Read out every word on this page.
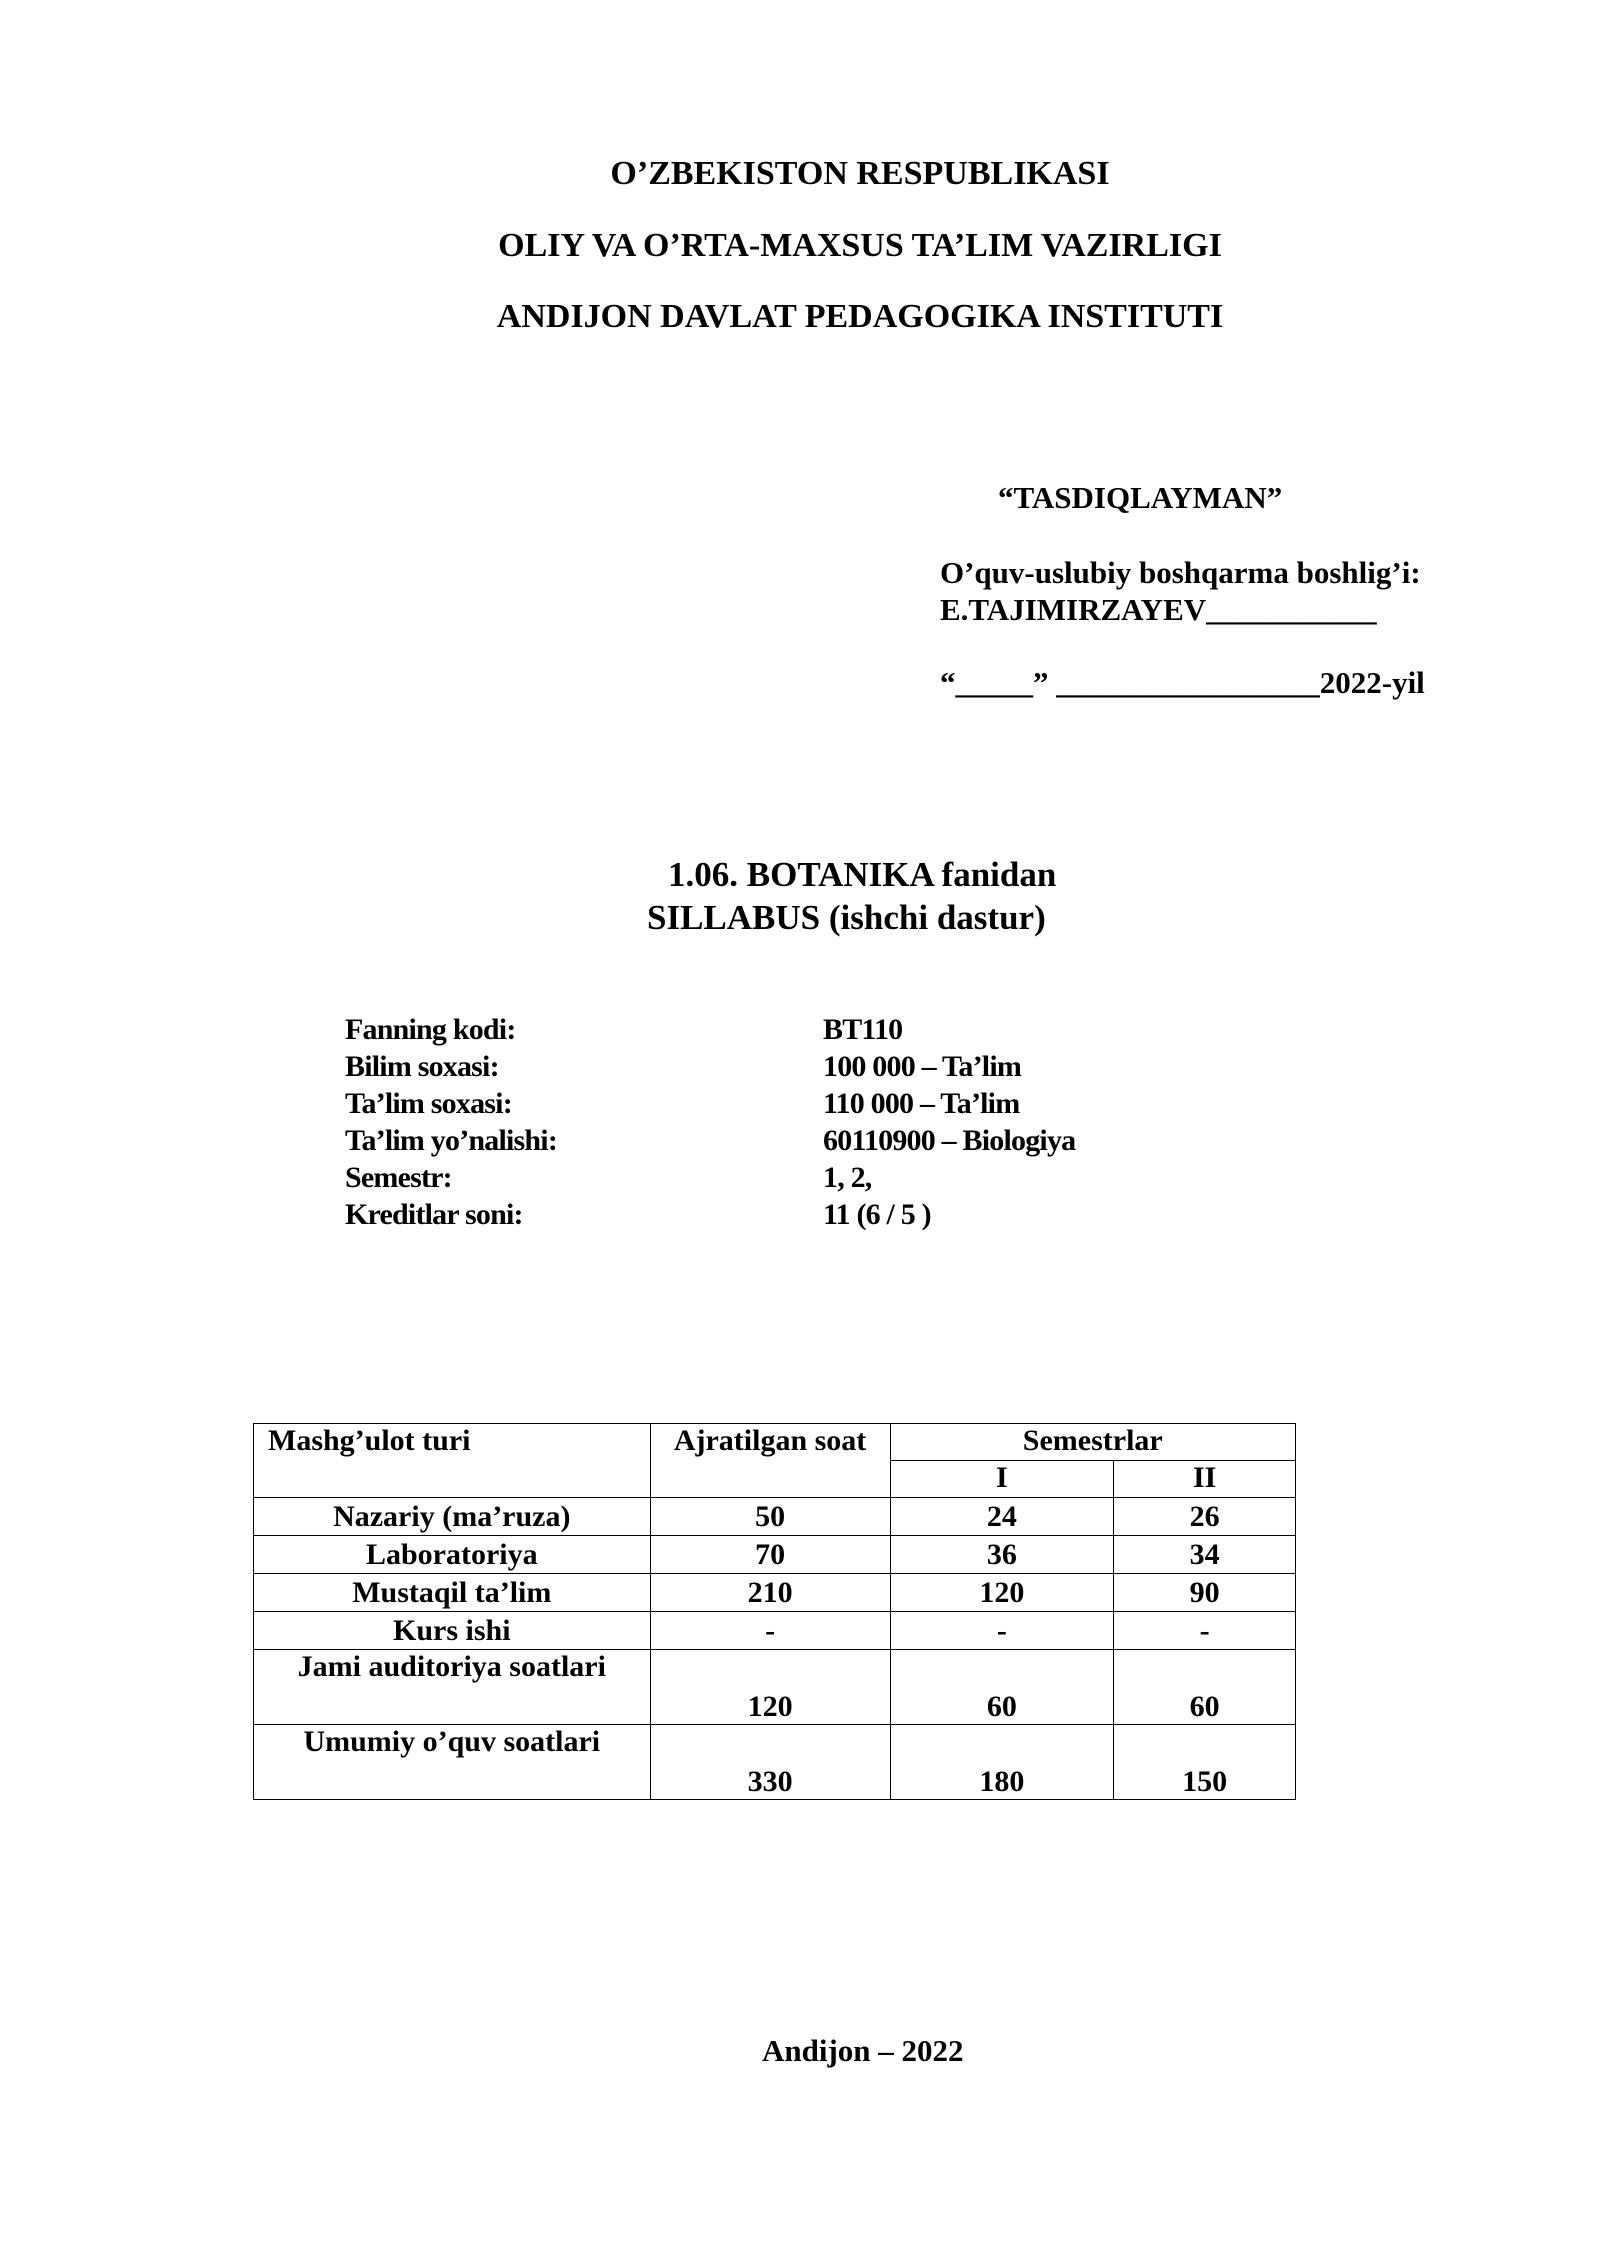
O’ZBEKISTON RESPUBLIKASI
OLIY VA O’RTA-MAXSUS TA’LIM VAZIRLIGI
ANDIJON DAVLAT PEDAGOGIKA INSTITUTI
“TASDIQLAYMAN”
O’quv-uslubiy boshqarma boshlig’i:
E.TAJIMIRZAYEV___________
“_____” _________________2022-yil
1.06. BOTANIKA fanidan
SILLABUS (ishchi dastur)
Fanning kodi:	BT110
Bilim soxasi:	100 000 – Ta’lim
Ta’lim soxasi:	110 000 – Ta’lim
Ta’lim yo’nalishi:	60110900 – Biologiya
Semestr:	1, 2,
Kreditlar soni:	11 (6 / 5 )
Mashg’ulot turi	Ajratilgan soat	Semestrlar	
		I	II
Nazariy (ma’ruza)	50	24	26
Laboratoriya	70	36	34
Mustaqil ta’lim	210	120	90
Kurs ishi	-	-	-
Jami auditoriya soatlari	120	60	60
Umumiy o’quv soatlari	330	180	150
Andijon – 2022
